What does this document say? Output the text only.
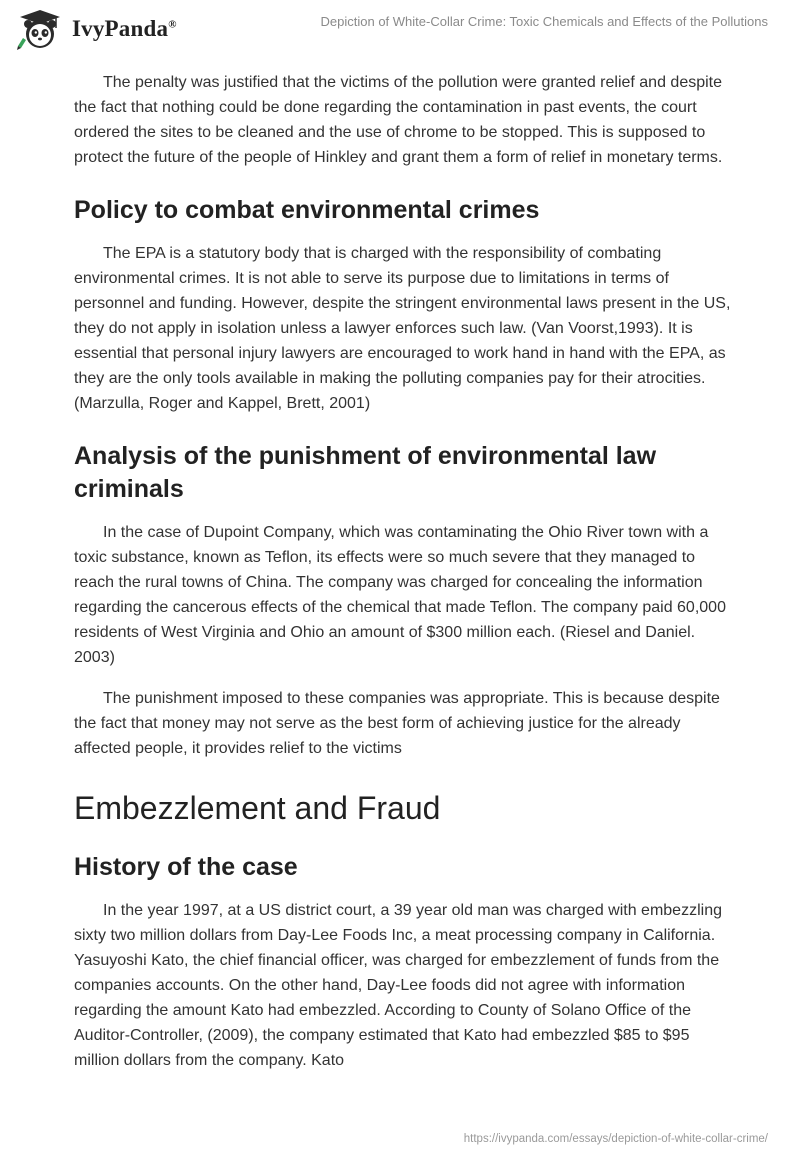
IvyPanda®	Depiction of White-Collar Crime: Toxic Chemicals and Effects of the Pollutions

The penalty was justified that the victims of the pollution were granted relief and despite the fact that nothing could be done regarding the contamination in past events, the court ordered the sites to be cleaned and the use of chrome to be stopped. This is supposed to protect the future of the people of Hinkley and grant them a form of relief in monetary terms.

Policy to combat environmental crimes

The EPA is a statutory body that is charged with the responsibility of combating environmental crimes. It is not able to serve its purpose due to limitations in terms of personnel and funding. However, despite the stringent environmental laws present in the US, they do not apply in isolation unless a lawyer enforces such law. (Van Voorst,1993). It is essential that personal injury lawyers are encouraged to work hand in hand with the EPA, as they are the only tools available in making the polluting companies pay for their atrocities. (Marzulla, Roger and Kappel, Brett, 2001)

Analysis of the punishment of environmental law criminals

In the case of Dupoint Company, which was contaminating the Ohio River town with a toxic substance, known as Teflon, its effects were so much severe that they managed to reach the rural towns of China. The company was charged for concealing the information regarding the cancerous effects of the chemical that made Teflon. The company paid 60,000 residents of West Virginia and Ohio an amount of $300 million each. (Riesel and Daniel. 2003)

The punishment imposed to these companies was appropriate. This is because despite the fact that money may not serve as the best form of achieving justice for the already affected people, it provides relief to the victims

Embezzlement and Fraud
History of the case

In the year 1997, at a US district court, a 39 year old man was charged with embezzling sixty two million dollars from Day-Lee Foods Inc, a meat processing company in California. Yasuyoshi Kato, the chief financial officer, was charged for embezzlement of funds from the companies accounts. On the other hand, Day-Lee foods did not agree with information regarding the amount Kato had embezzled. According to County of Solano Office of the Auditor-Controller, (2009), the company estimated that Kato had embezzled $85 to $95 million dollars from the company. Kato

https://ivypanda.com/essays/depiction-of-white-collar-crime/
